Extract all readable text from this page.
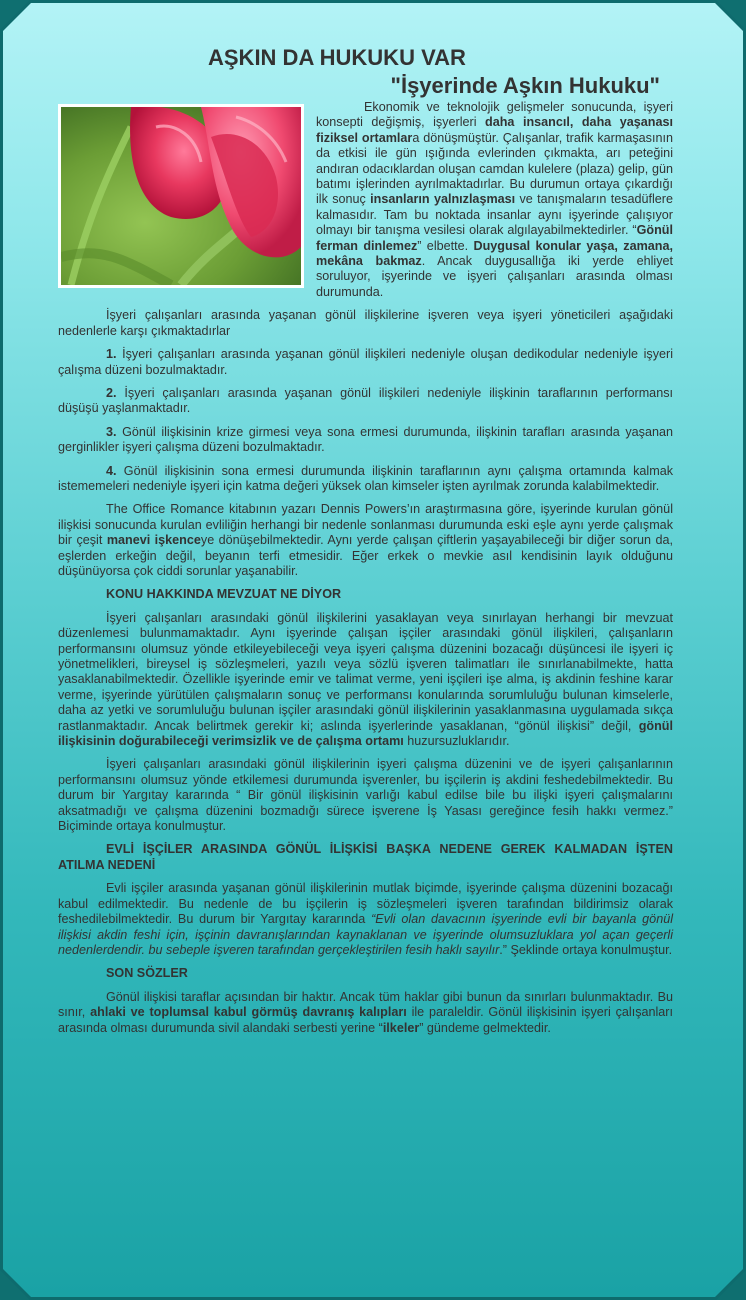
AŞKIN DA HUKUKU VAR
"İşyerinde Aşkın Hukuku"

Ekonomik ve teknolojik gelişmeler sonucunda, işyeri konsepti değişmiş, işyerleri daha insancıl, daha yaşanası fiziksel ortamlara dönüşmüştür. Çalışanlar, trafik karmaşasının da etkisi ile gün ışığında evlerinden çıkmakta, arı peteğini andıran odacıklardan oluşan camdan kulelere (plaza) gelip, gün batımı işlerinden ayrılmaktadırlar. Bu durumun ortaya çıkardığı ilk sonuç insanların yalnızlaşması ve tanışmaların tesadüflere kalmasıdır. Tam bu noktada insanlar aynı işyerinde çalışıyor olmayı bir tanışma vesilesi olarak algılayabilmektedirler. “Gönül ferman dinlemez” elbette. Duygusal konular yaşa, zamana, mekâna bakmaz. Ancak duygusallığa iki yerde ehliyet soruluyor, işyerinde ve işyeri çalışanları arasında olması durumunda.

İşyeri çalışanları arasında yaşanan gönül ilişkilerine işveren veya işyeri yöneticileri aşağıdaki nedenlerle karşı çıkmaktadırlar

1. İşyeri çalışanları arasında yaşanan gönül ilişkileri nedeniyle oluşan dedikodular nedeniyle işyeri çalışma düzeni bozulmaktadır.

2. İşyeri çalışanları arasında yaşanan gönül ilişkileri nedeniyle ilişkinin taraflarının performansı düşüşü yaşlanmaktadır.

3. Gönül ilişkisinin krize girmesi veya sona ermesi durumunda, ilişkinin tarafları arasında yaşanan gerginlikler işyeri çalışma düzeni bozulmaktadır.

4. Gönül ilişkisinin sona ermesi durumunda ilişkinin taraflarının aynı çalışma ortamında kalmak istememeleri nedeniyle işyeri için katma değeri yüksek olan kimseler işten ayrılmak zorunda kalabilmektedir.

The Office Romance kitabının yazarı Dennis Powers’ın araştırmasına göre, işyerinde kurulan gönül ilişkisi sonucunda kurulan evliliğin herhangi bir nedenle sonlanması durumunda eski eşle aynı yerde çalışmak bir çeşit manevi işkenceye dönüşebilmektedir. Aynı yerde çalışan çiftlerin yaşayabileceği bir diğer sorun da, eşlerden erkeğin değil, beyanın terfi etmesidir. Eğer erkek o mevkie asıl kendisinin layık olduğunu düşünüyorsa çok ciddi sorunlar yaşanabilir.

KONU HAKKINDA MEVZUAT NE DİYOR

İşyeri çalışanları arasındaki gönül ilişkilerini yasaklayan veya sınırlayan herhangi bir mevzuat düzenlemesi bulunmamaktadır. Aynı işyerinde çalışan işçiler arasındaki gönül ilişkileri, çalışanların performansını olumsuz yönde etkileyebileceği veya işyeri çalışma düzenini bozacağı düşüncesi ile işyeri iç yönetmelikleri, bireysel iş sözleşmeleri, yazılı veya sözlü işveren talimatları ile sınırlanabilmekte, hatta yasaklanabilmektedir. Özellikle işyerinde emir ve talimat verme, yeni işçileri işe alma, iş akdinin feshine karar verme, işyerinde yürütülen çalışmaların sonuç ve performansı konularında sorumluluğu bulunan kimselerle, daha az yetki ve sorumluluğu bulunan işçiler arasındaki gönül ilişkilerinin yasaklanmasına uygulamada sıkça rastlanmaktadır. Ancak belirtmek gerekir ki; aslında işyerlerinde yasaklanan, “gönül ilişkisi” değil, gönül ilişkisinin doğurabileceği verimsizlik ve de çalışma ortamı huzursuzluklarıdır.

İşyeri çalışanları arasındaki gönül ilişkilerinin işyeri çalışma düzenini ve de işyeri çalışanlarının performansını olumsuz yönde etkilemesi durumunda işverenler, bu işçilerin iş akdini feshedebilmektedir. Bu durum bir Yargıtay kararında “ Bir gönül ilişkisinin varlığı kabul edilse bile bu ilişki işyeri çalışmalarını aksatmadığı ve çalışma düzenini bozmadığı sürece işverene İş Yasası gereğince fesih hakkı vermez.” Biçiminde ortaya konulmuştur.

EVLİ İŞÇİLER ARASINDA GÖNÜL İLİŞKİSİ BAŞKA NEDENE GEREK KALMADAN İŞTEN ATILMA NEDENİ

Evli işçiler arasında yaşanan gönül ilişkilerinin mutlak biçimde, işyerinde çalışma düzenini bozacağı kabul edilmektedir. Bu nedenle de bu işçilerin iş sözleşmeleri işveren tarafından bildirimsiz olarak feshedilebilmektedir. Bu durum bir Yargıtay kararında “Evli olan davacının işyerinde evli bir bayanla gönül ilişkisi akdin feshi için, işçinin davranışlarından kaynaklanan ve işyerinde olumsuzluklara yol açan geçerli nedenlerdendir. bu sebeple işveren tarafından gerçekleştirilen fesih haklı sayılır.” Şeklinde ortaya konulmuştur.

SON SÖZLER

Gönül ilişkisi taraflar açısından bir haktır. Ancak tüm haklar gibi bunun da sınırları bulunmaktadır. Bu sınır, ahlaki ve toplumsal kabul görmüş davranış kalıpları ile paraleldir. Gönül ilişkisinin işyeri çalışanları arasında olması durumunda sivil alandaki serbesti yerine “ilkeler” gündeme gelmektedir.
